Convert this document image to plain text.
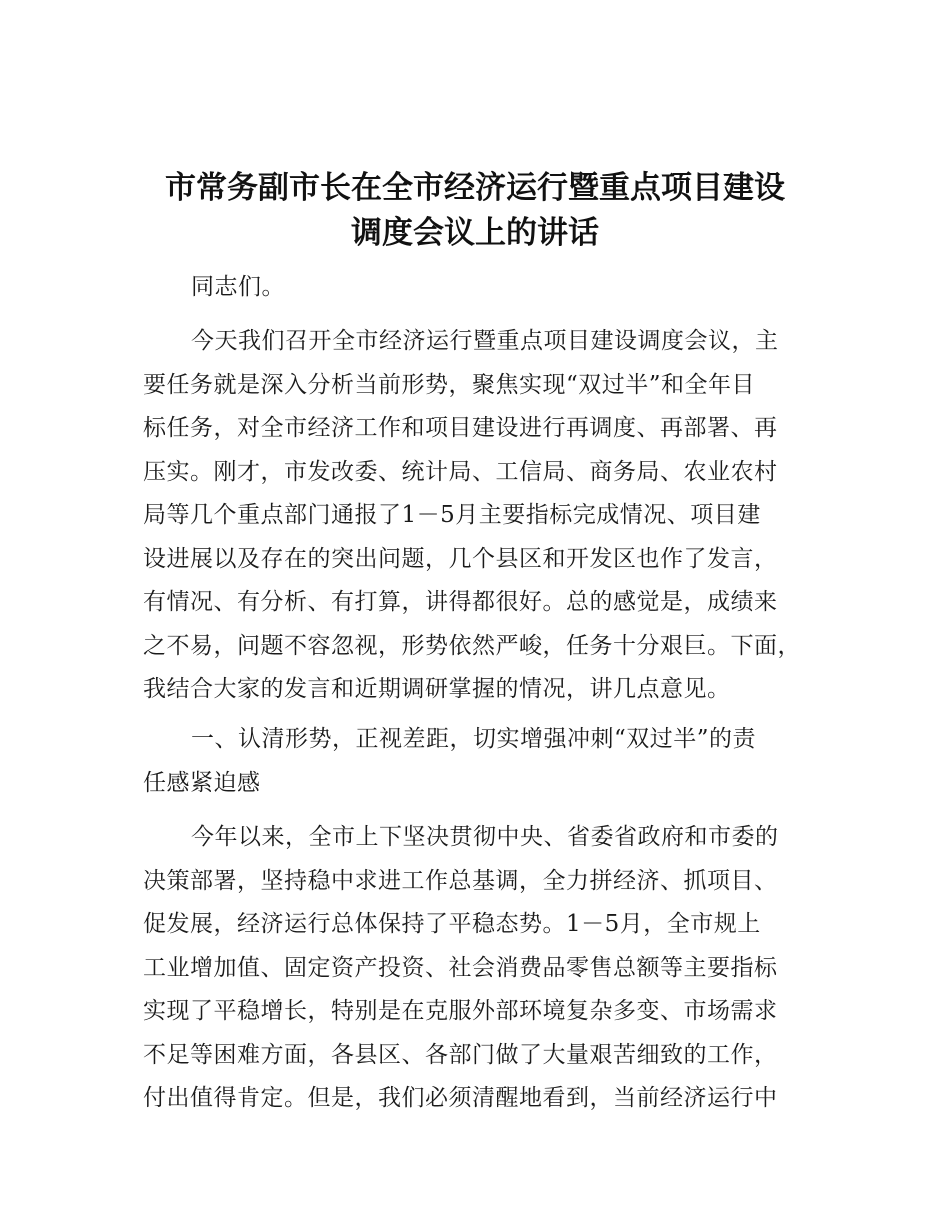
市常务副市长在全市经济运行暨重点项目建设
调度会议上的讲话
同志们。
今天我们召开全市经济运行暨重点项目建设调度会议，主
要任务就是深入分析当前形势，聚焦实现“双过半”和全年目
标任务，对全市经济工作和项目建设进行再调度、再部署、再
压实。刚才，市发改委、统计局、工信局、商务局、农业农村
局等几个重点部门通报了1－5月主要指标完成情况、项目建
设进展以及存在的突出问题，几个县区和开发区也作了发言，
有情况、有分析、有打算，讲得都很好。总的感觉是，成绩来
之不易，问题不容忽视，形势依然严峻，任务十分艰巨。下面，
我结合大家的发言和近期调研掌握的情况，讲几点意见。
一、认清形势，正视差距，切实增强冲刺“双过半”的责
任感紧迫感
今年以来，全市上下坚决贯彻中央、省委省政府和市委的
决策部署，坚持稳中求进工作总基调，全力拼经济、抓项目、
促发展，经济运行总体保持了平稳态势。1－5月，全市规上
工业增加值、固定资产投资、社会消费品零售总额等主要指标
实现了平稳增长，特别是在克服外部环境复杂多变、市场需求
不足等困难方面，各县区、各部门做了大量艰苦细致的工作，
付出值得肯定。但是，我们必须清醒地看到，当前经济运行中
